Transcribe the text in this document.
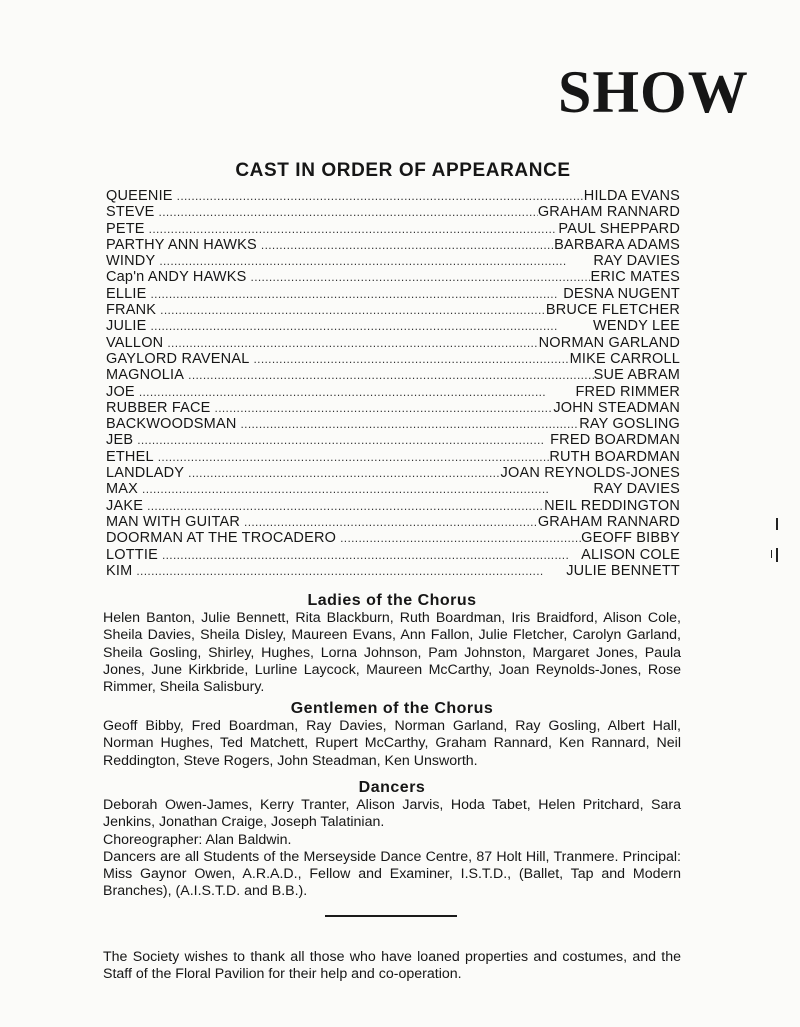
SHOW
CAST IN ORDER OF APPEARANCE
QUEENIE . . .	HILDA EVANS
STEVE . . .	GRAHAM RANNARD
PETE . . .	PAUL SHEPPARD
PARTHY ANN HAWKS . . .	BARBARA ADAMS
WINDY . . .	RAY DAVIES
Cap'n ANDY HAWKS . . .	ERIC MATES
ELLIE . . .	DESNA NUGENT
FRANK . . .	BRUCE FLETCHER
JULIE . . .	WENDY LEE
VALLON . . .	NORMAN GARLAND
GAYLORD RAVENAL . . .	MIKE CARROLL
MAGNOLIA . . .	SUE ABRAM
JOE . . .	FRED RIMMER
RUBBER FACE . . .	JOHN STEADMAN
BACKWOODSMAN . . .	RAY GOSLING
JEB . . .	FRED BOARDMAN
ETHEL . . .	RUTH BOARDMAN
LANDLADY . . .	JOAN REYNOLDS-JONES
MAX . . .	RAY DAVIES
JAKE . . .	NEIL REDDINGTON
MAN WITH GUITAR . . .	GRAHAM RANNARD
DOORMAN AT THE TROCADERO . . .	GEOFF BIBBY
LOTTIE . . .	ALISON COLE
KIM . . .	JULIE BENNETT
Ladies of the Chorus

Helen Banton, Julie Bennett, Rita Blackburn, Ruth Boardman, Iris Braidford, Alison Cole, Sheila Davies, Sheila Disley, Maureen Evans, Ann Fallon, Julie Fletcher, Carolyn Garland, Sheila Gosling, Shirley, Hughes, Lorna Johnson, Pam Johnston, Margaret Jones, Paula Jones, June Kirkbride, Lurline Laycock, Maureen McCarthy, Joan Reynolds-Jones, Rose Rimmer, Sheila Salisbury.

Gentlemen of the Chorus

Geoff Bibby, Fred Boardman, Ray Davies, Norman Garland, Ray Gosling, Albert Hall, Norman Hughes, Ted Matchett, Rupert McCarthy, Graham Rannard, Ken Rannard, Neil Reddington, Steve Rogers, John Steadman, Ken Unsworth.

Dancers

Deborah Owen-James, Kerry Tranter, Alison Jarvis, Hoda Tabet, Helen Pritchard, Sara Jenkins, Jonathan Craige, Joseph Talatinian.

Choreographer: Alan Baldwin.

Dancers are all Students of the Merseyside Dance Centre, 87 Holt Hill, Tranmere. Principal: Miss Gaynor Owen, A.R.A.D., Fellow and Examiner, I.S.T.D., (Ballet, Tap and Modern Branches), (A.I.S.T.D. and B.B.).

The Society wishes to thank all those who have loaned properties and costumes, and the Staff of the Floral Pavilion for their help and co-operation.
